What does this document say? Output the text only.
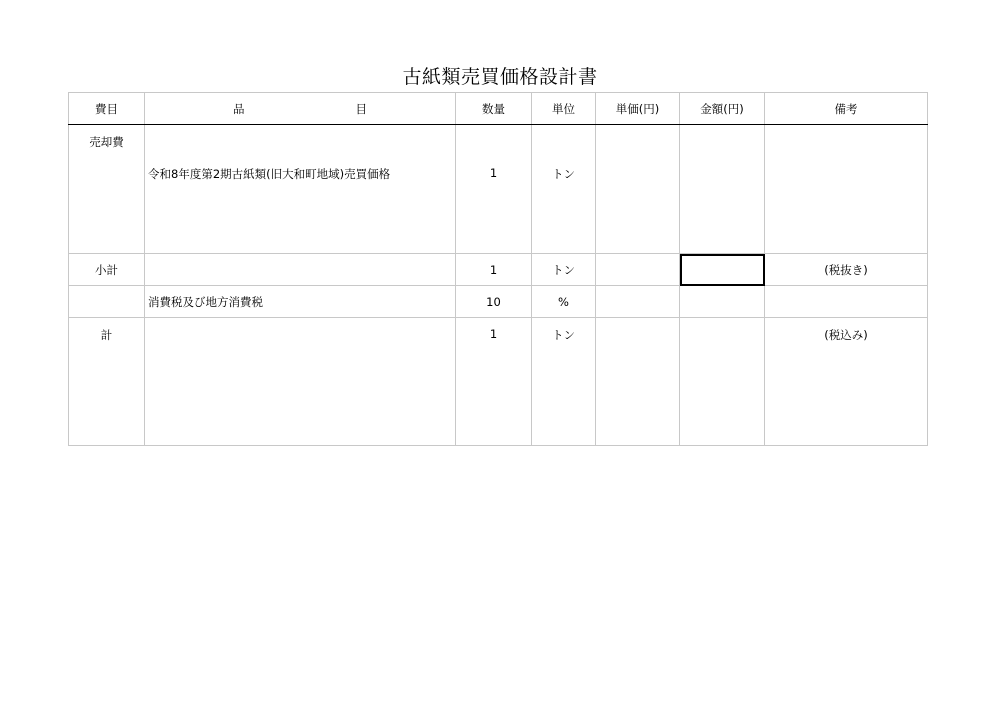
古紙類売買価格設計書
費目	品 目	数量	単位	単価(円)	金額(円)	備考
売却費	令和8年度第2期古紙類(旧大和町地域)売買価格	1	トン			

小計		1	トン			(税抜き)
	消費税及び地方消費税	10	%			
計		1	トン			(税込み)
